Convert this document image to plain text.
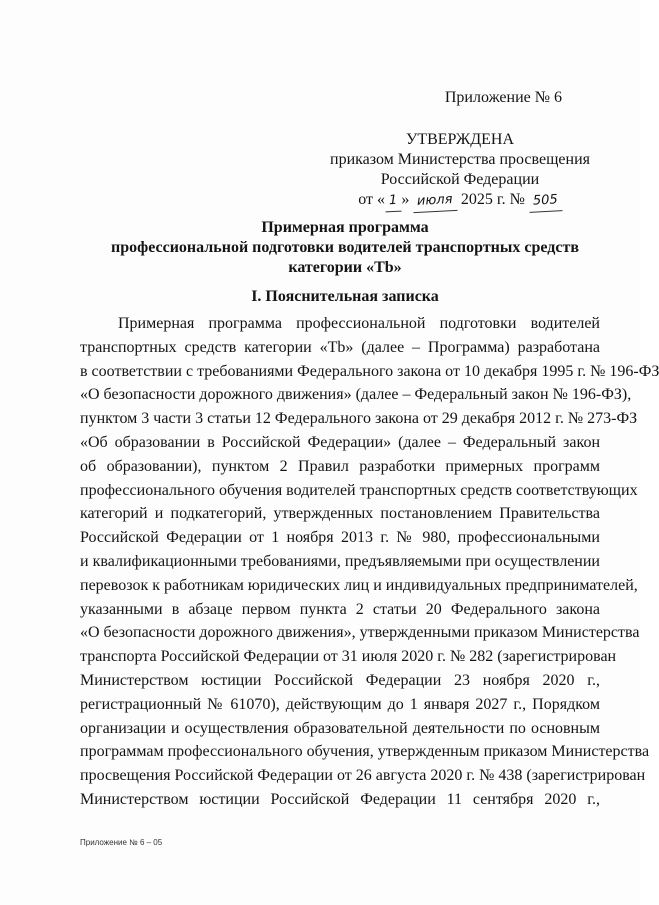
Приложение № 6
УТВЕРЖДЕНА
приказом Министерства просвещения
Российской Федерации
от « 1 » июля 2025 г. № 505
Примерная программа
профессиональной подготовки водителей транспортных средств
категории «Tb»
I. Пояснительная записка
Примерная программа профессиональной подготовки водителей
транспортных средств категории «Tb» (далее – Программа) разработана
в соответствии с требованиями Федерального закона от 10 декабря 1995 г. № 196-ФЗ
«О безопасности дорожного движения» (далее – Федеральный закон № 196-ФЗ),
пунктом 3 части 3 статьи 12 Федерального закона от 29 декабря 2012 г. № 273-ФЗ
«Об образовании в Российской Федерации» (далее – Федеральный закон
об образовании), пунктом 2 Правил разработки примерных программ
профессионального обучения водителей транспортных средств соответствующих
категорий и подкатегорий, утвержденных постановлением Правительства
Российской Федерации от 1 ноября 2013 г. № 980, профессиональными
и квалификационными требованиями, предъявляемыми при осуществлении
перевозок к работникам юридических лиц и индивидуальных предпринимателей,
указанными в абзаце первом пункта 2 статьи 20 Федерального закона
«О безопасности дорожного движения», утвержденными приказом Министерства
транспорта Российской Федерации от 31 июля 2020 г. № 282 (зарегистрирован
Министерством юстиции Российской Федерации 23 ноября 2020 г.,
регистрационный № 61070), действующим до 1 января 2027 г., Порядком
организации и осуществления образовательной деятельности по основным
программам профессионального обучения, утвержденным приказом Министерства
просвещения Российской Федерации от 26 августа 2020 г. № 438 (зарегистрирован
Министерством юстиции Российской Федерации 11 сентября 2020 г.,
Приложение № 6 – 05
